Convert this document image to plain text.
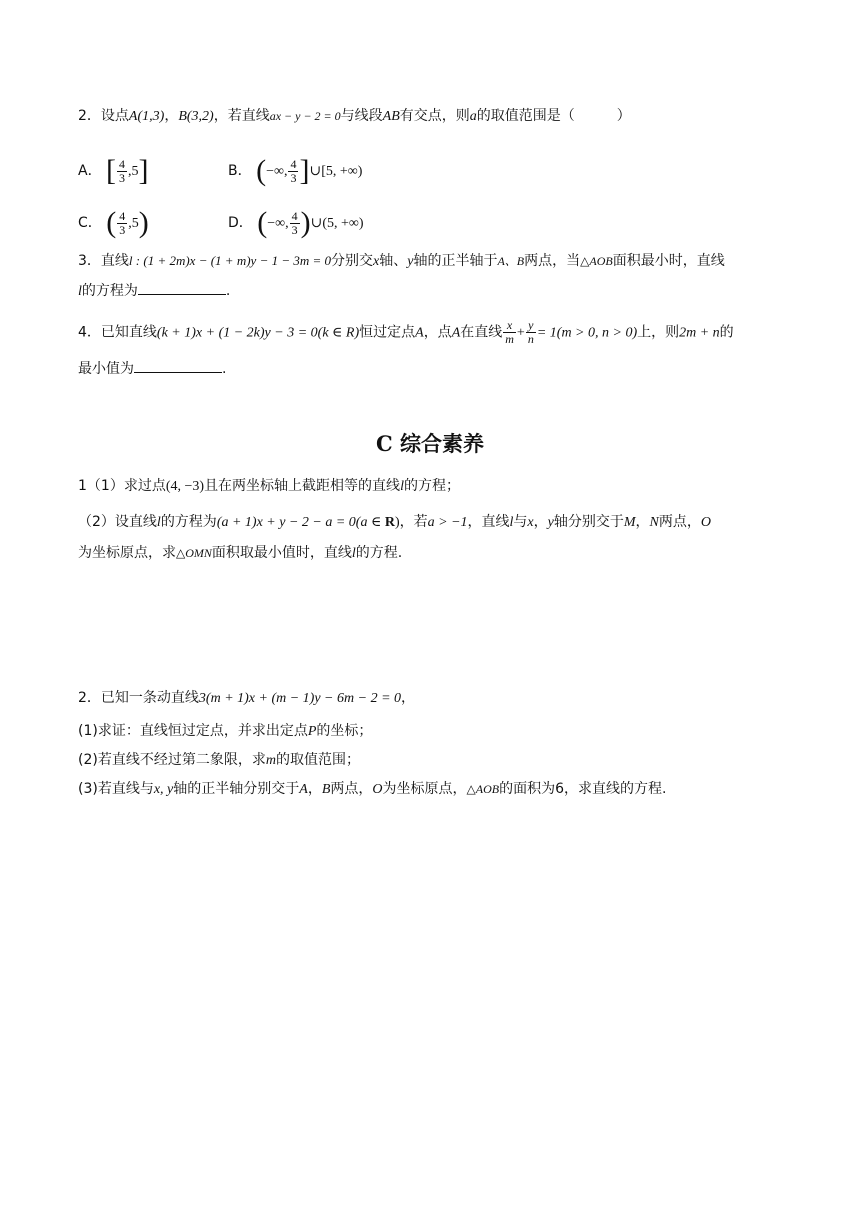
2．设点A(1,3)，B(3,2)，若直线ax − y − 2 = 0与线段AB有交点，则a的取值范围是（　　　）
A． [ $\frac{4}{3} ,5$]	B． (−∞, $\frac{4}{3}$ ]∪[5, +∞)
C． ( $\frac{4}{3} ,5$)	D． (−∞, $\frac{4}{3}$ )∪(5, +∞)
3．直线l : (1 + 2m)x − (1 + m)y − 1 − 3m = 0分别交x轴、y轴的正半轴于A、B两点，当△AOB面积最小时，直线
l的方程为	.
4．已知直线(k + 1)x + (1 − 2k)y − 3 = 0(k ∈ R)恒过定点A，点A在直线 $\frac{x}{m} + \frac{y}{n} = 1(m > 0$, n > 0)上，则2m + n的
最小值为	.
C 综合素养
1（1）求过点(4, −3)且在两坐标轴上截距相等的直线l的方程；
（2）设直线l的方程为(a + 1)x + y − 2 − a = 0(a ∈ R)，若a > −1，直线l与x，y轴分别交于M，N两点，O
为坐标原点，求△OMN面积取最小值时，直线l的方程.
2．已知一条动直线3(m + 1)x + (m − 1)y − 6m − 2 = 0，
(1)求证：直线恒过定点，并求出定点P的坐标；
(2)若直线不经过第二象限，求m的取值范围；
(3)若直线与x, y轴的正半轴分别交于A，B两点，O为坐标原点，△AOB的面积为6，求直线的方程.
